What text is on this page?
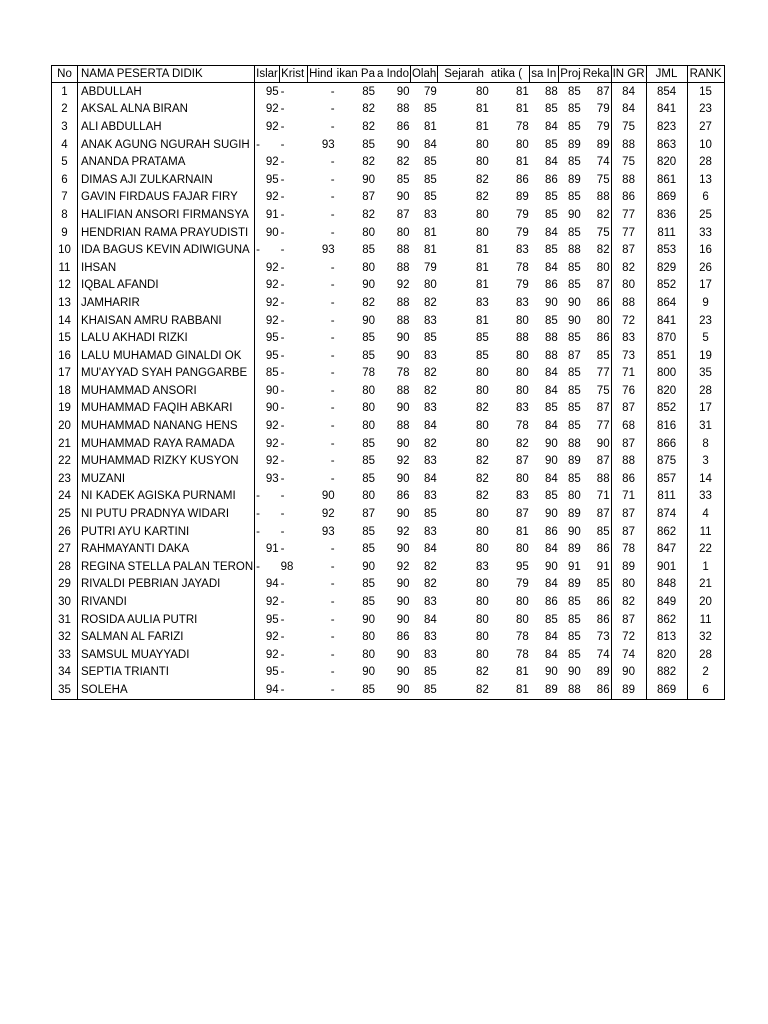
No	NAMA PESERTA DIDIK	Islar	Krist	Hind	ikan Pa	a Indo	Olah	Sejarah	atika (	sa In	Proj	Reka	IN GR	JML	RANK
1	ABDULLAH	95	-	-	85	90	79	80	81	88	85	87	84	854	15
2	AKSAL ALNA BIRAN	92	-	-	82	88	85	81	81	85	85	79	84	841	23
3	ALI ABDULLAH	92	-	-	82	86	81	81	78	84	85	79	75	823	27
4	ANAK AGUNG NGURAH SUGIH	-	-	93	85	90	84	80	80	85	89	89	88	863	10
5	ANANDA PRATAMA	92	-	-	82	82	85	80	81	84	85	74	75	820	28
6	DIMAS AJI ZULKARNAIN	95	-	-	90	85	85	82	86	86	89	75	88	861	13
7	GAVIN FIRDAUS FAJAR FIRY	92	-	-	87	90	85	82	89	85	85	88	86	869	6
8	HALIFIAN ANSORI FIRMANSYA	91	-	-	82	87	83	80	79	85	90	82	77	836	25
9	HENDRIAN RAMA PRAYUDISTI	90	-	-	80	80	81	80	79	84	85	75	77	811	33
10	IDA BAGUS KEVIN ADIWIGUNA	-	-	93	85	88	81	81	83	85	88	82	87	853	16
11	IHSAN	92	-	-	80	88	79	81	78	84	85	80	82	829	26
12	IQBAL AFANDI	92	-	-	90	92	80	81	79	86	85	87	80	852	17
13	JAMHARIR	92	-	-	82	88	82	83	83	90	90	86	88	864	9
14	KHAISAN AMRU RABBANI	92	-	-	90	88	83	81	80	85	90	80	72	841	23
15	LALU AKHADI RIZKI	95	-	-	85	90	85	85	88	88	85	86	83	870	5
16	LALU MUHAMAD GINALDI OK	95	-	-	85	90	83	85	80	88	87	85	73	851	19
17	MU'AYYAD SYAH PANGGARBE	85	-	-	78	78	82	80	80	84	85	77	71	800	35
18	MUHAMMAD ANSORI	90	-	-	80	88	82	80	80	84	85	75	76	820	28
19	MUHAMMAD FAQIH ABKARI	90	-	-	80	90	83	82	83	85	85	87	87	852	17
20	MUHAMMAD NANANG HENS	92	-	-	80	88	84	80	78	84	85	77	68	816	31
21	MUHAMMAD RAYA RAMADA	92	-	-	85	90	82	80	82	90	88	90	87	866	8
22	MUHAMMAD RIZKY KUSYON	92	-	-	85	92	83	82	87	90	89	87	88	875	3
23	MUZANI	93	-	-	85	90	84	82	80	84	85	88	86	857	14
24	NI KADEK AGISKA PURNAMI	-	-	90	80	86	83	82	83	85	80	71	71	811	33
25	NI PUTU PRADNYA WIDARI	-	-	92	87	90	85	80	87	90	89	87	87	874	4
26	PUTRI AYU KARTINI	-	-	93	85	92	83	80	81	86	90	85	87	862	11
27	RAHMAYANTI DAKA	91	-	-	85	90	84	80	80	84	89	86	78	847	22
28	REGINA STELLA PALAN TERON	-	98	-	90	92	82	83	95	90	91	91	89	901	1
29	RIVALDI PEBRIAN JAYADI	94	-	-	85	90	82	80	79	84	89	85	80	848	21
30	RIVANDI	92	-	-	85	90	83	80	80	86	85	86	82	849	20
31	ROSIDA AULIA PUTRI	95	-	-	90	90	84	80	80	85	85	86	87	862	11
32	SALMAN AL FARIZI	92	-	-	80	86	83	80	78	84	85	73	72	813	32
33	SAMSUL MUAYYADI	92	-	-	80	90	83	80	78	84	85	74	74	820	28
34	SEPTIA TRIANTI	95	-	-	90	90	85	82	81	90	90	89	90	882	2
35	SOLEHA	94	-	-	85	90	85	82	81	89	88	86	89	869	6
